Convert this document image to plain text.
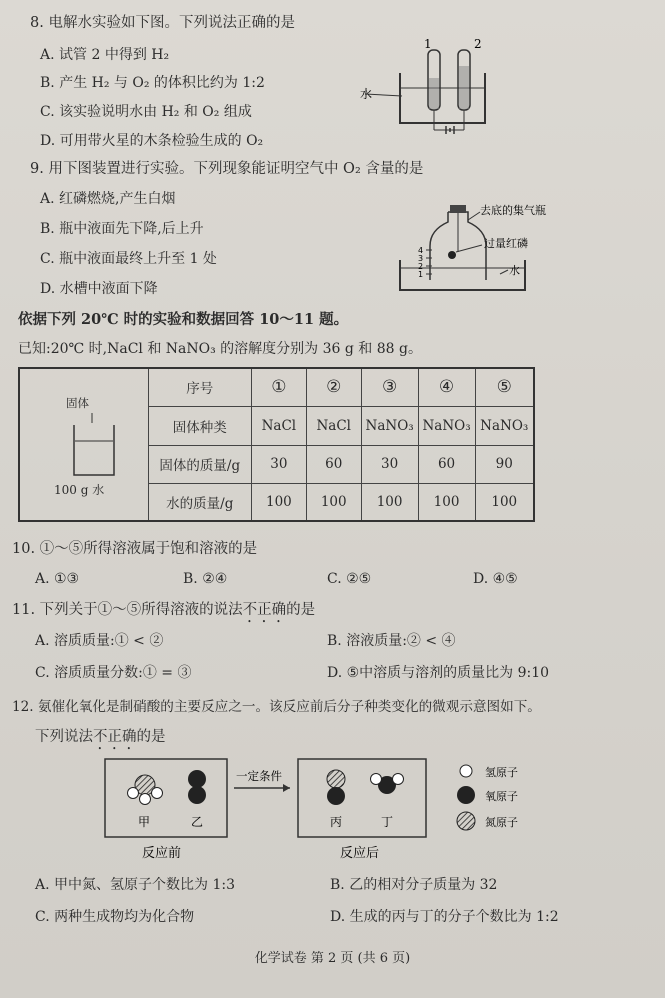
8. 电解水实验如下图。下列说法正确的是
A. 试管 2 中得到 H₂
B. 产生 H₂ 与 O₂ 的体积比约为 1:2
C. 该实验说明水由 H₂ 和 O₂ 组成
D. 可用带火星的木条检验生成的 O₂
1	2
水
9. 用下图装置进行实验。下列现象能证明空气中 O₂ 含量的是
A. 红磷燃烧,产生白烟
B. 瓶中液面先下降,后上升
C. 瓶中液面最终上升至 1 处
D. 水槽中液面下降
4
3
2
1
去底的集气瓶
过量红磷
水
依据下列 20℃ 时的实验和数据回答 10～11 题。
已知:20℃ 时,NaCl 和 NaNO₃ 的溶解度分别为 36 g 和 88 g。
固体
100 g 水	序号	①	②	③	④	⑤
	固体种类	NaCl	NaCl	NaNO₃	NaNO₃	NaNO₃
	固体的质量/g	30	60	30	60	90
	水的质量/g	100	100	100	100	100
10. ①～⑤所得溶液属于饱和溶液的是
A. ①③	B. ②④	C. ②⑤	D. ④⑤
11. 下列关于①～⑤所得溶液的说法不正确的是
A. 溶质质量:① < ②	B. 溶液质量:② < ④
C. 溶质质量分数:① = ③	D. ⑤中溶质与溶剂的质量比为 9:10
12. 氨催化氧化是制硝酸的主要反应之一。该反应前后分子种类变化的微观示意图如下。
下列说法不正确的是
甲	乙
一定条件
丙	丁
反应前	反应后
氢原子
氧原子
氮原子
A. 甲中氮、氢原子个数比为 1:3	B. 乙的相对分子质量为 32
C. 两种生成物均为化合物	D. 生成的丙与丁的分子个数比为 1:2
化学试卷 第 2 页 (共 6 页)
